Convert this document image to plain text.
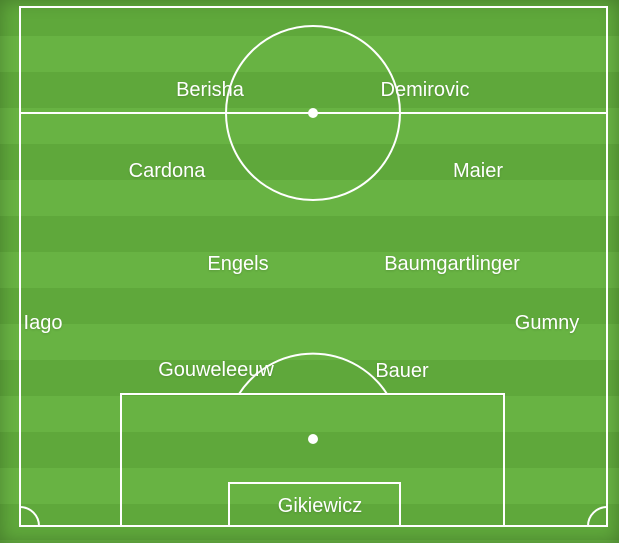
Berisha	Demirovic
Cardona	Maier
Engels	Baumgartlinger
Iago	Gumny
Gouweleeuw	Bauer
Gikiewicz
